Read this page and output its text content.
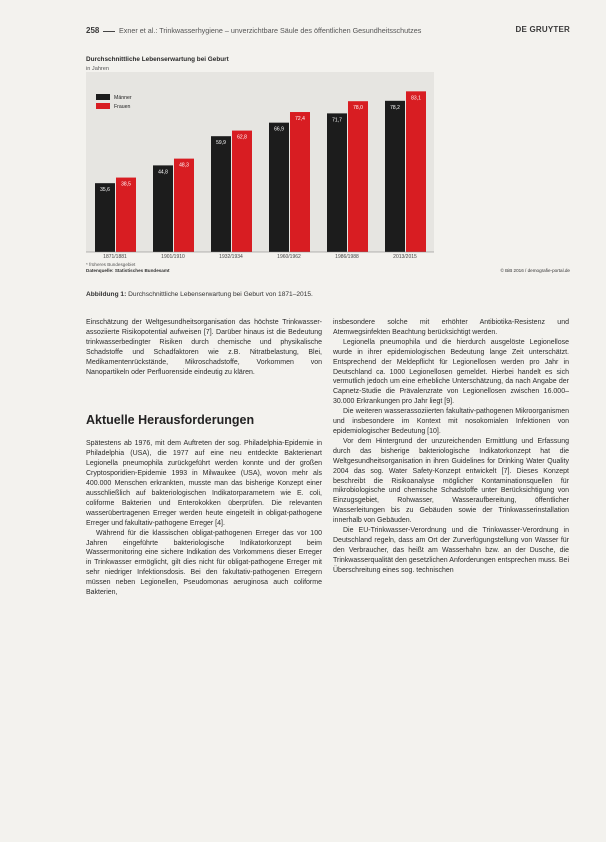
258	Exner et al.: Trinkwasserhygiene – unverzichtbare Säule des öffentlichen Gesundheitsschutzes	DE GRUYTER
Durchschnittliche Lebenserwartung bei Geburt
in Jahren
35,6
38,5
1871/1881
44,8
48,3
1901/1910
59,9
62,8
1932/1934
66,9
72,4
1960/1962
71,7
78,0
1986/1988
78,2
83,1
2013/2015
Männer
Frauen
* früheres Bundesgebiet
Datenquelle: Statistisches Bundesamt	© BiB 2016 / demografie-portal.de
Abbildung 1: Durchschnittliche Lebenserwartung bei Geburt von 1871–2015.

Einschätzung der Weltgesundheitsorganisation das höchste Trinkwasser-assoziierte Risikopotential aufweisen [7]. Darüber hinaus ist die Bedeutung trinkwasserbedingter Risiken durch chemische und physikalische Schadstoffe und Schadfaktoren wie z.B. Nitratbelastung, Blei, Medikamentenrückstände, Mikroschadstoffe, Vorkommen von Nanopartikeln oder Perfluorenside eindeutig zu klären.

Aktuelle Herausforderungen

Spätestens ab 1976, mit dem Auftreten der sog. Philadelphia-Epidemie in Philadelphia (USA), die 1977 auf eine neu entdeckte Bakterienart Legionella pneumophila zurückgeführt werden konnte und der großen Cryptosporidien-Epidemie 1993 in Milwaukee (USA), wovon mehr als 400.000 Menschen erkrankten, musste man das bisherige Konzept einer ausschließlich auf bakteriologischen Indikatorparametern wie E. coli, coliforme Bakterien und Enterokokken überprüfen. Die relevanten wasserübertragenen Erreger werden heute eingeteilt in obligat-pathogene Erreger und fakultativ-pathogene Erreger [4].

Während für die klassischen obligat-pathogenen Erreger das vor 100 Jahren eingeführte bakteriologische Indikatorkonzept beim Wassermonitoring eine sichere Indikation des Vorkommens dieser Erreger in Trinkwasser ermöglicht, gilt dies nicht für obligat-pathogene Erreger mit sehr niedriger Infektionsdosis. Bei den fakultativ-pathogenen Erregern müssen neben Legionellen, Pseudomonas aeruginosa auch coliforme Bakterien,

insbesondere solche mit erhöhter Antibiotika-Resistenz und Atemwegsinfekten Beachtung berücksichtigt werden.

Legionella pneumophila und die hierdurch ausgelöste Legionellose wurde in ihrer epidemiologischen Bedeutung lange Zeit unterschätzt. Entsprechend der Meldepflicht für Legionellosen werden pro Jahr in Deutschland ca. 1000 Legionellosen gemeldet. Hierbei handelt es sich vermutlich jedoch um eine erhebliche Unterschätzung, da nach Angabe der Capnetz-Studie die Prävalenzrate von Legionellosen zwischen 16.000–30.000 Erkrankungen pro Jahr liegt [9].

Die weiteren wasserassoziierten fakultativ-pathogenen Mikroorganismen und insbesondere im Kontext mit nosokomialen Infektionen von epidemiologischer Bedeutung [10].

Vor dem Hintergrund der unzureichenden Ermittlung und Erfassung durch das bisherige bakteriologische Indikatorkonzept hat die Weltgesundheitsorganisation in ihren Guidelines for Drinking Water Quality 2004 das sog. Water Safety-Konzept entwickelt [7]. Dieses Konzept beschreibt die Risikoanalyse möglicher Kontaminationsquellen für mikrobiologische und chemische Schadstoffe unter Berücksichtigung von Einzugsgebiet, Rohwasser, Wasseraufbereitung, öffentlicher Wasserleitungen bis zu Gebäuden sowie der Trinkwasserinstallation innerhalb von Gebäuden.

Die EU-Trinkwasser-Verordnung und die Trinkwasser-Verordnung in Deutschland regeln, dass am Ort der Zurverfügungstellung von Wasser für den Verbraucher, das heißt am Wasserhahn bzw. an der Dusche, die Trinkwasserqualität den gesetzlichen Anforderungen entsprechen muss. Bei Überschreitung eines sog. technischen
